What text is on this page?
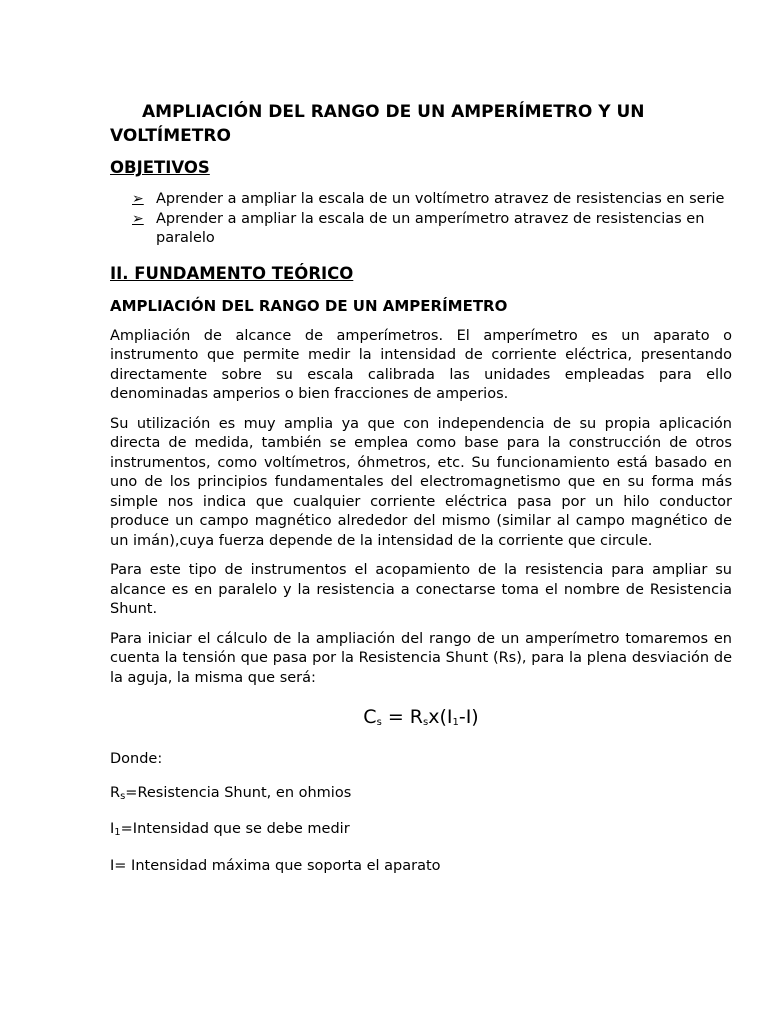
AMPLIACIÓN DEL RANGO DE UN AMPERÍMETRO Y UN
VOLTÍMETRO
OBJETIVOS
➢ Aprender a ampliar la escala de un voltímetro atravez de resistencias en serie
➢ Aprender a ampliar la escala de un amperímetro atravez de resistencias en paralelo
II. FUNDAMENTO TEÓRICO
AMPLIACIÓN DEL RANGO DE UN AMPERÍMETRO

Ampliación de alcance de amperímetros. El amperímetro es un aparato o instrumento que permite medir la intensidad de corriente eléctrica, presentando directamente sobre su escala calibrada las unidades empleadas para ello denominadas amperios o bien fracciones de amperios.

Su utilización es muy amplia ya que con independencia de su propia aplicación directa de medida, también se emplea como base para la construcción de otros instrumentos, como voltímetros, óhmetros, etc. Su funcionamiento está basado en uno de los principios fundamentales del electromagnetismo que en su forma más simple nos indica que cualquier corriente eléctrica pasa por un hilo conductor produce un campo magnético alrededor del mismo (similar al campo magnético de un imán),cuya fuerza depende de la intensidad de la corriente que circule.

Para este tipo de instrumentos el acopamiento de la resistencia para ampliar su alcance es en paralelo y la resistencia a conectarse toma el nombre de Resistencia Shunt.

Para iniciar el cálculo de la ampliación del rango de un amperímetro tomaremos en cuenta la tensión que pasa por la Resistencia Shunt (Rs), para la plena desviación de la aguja, la misma que será:

$C_s = R_sx(I_1-I)$

Donde:

$R_s=Resistencia$ Shunt, en ohmios

$I_1=Intensidad$ que se debe medir

I= Intensidad máxima que soporta el aparato
